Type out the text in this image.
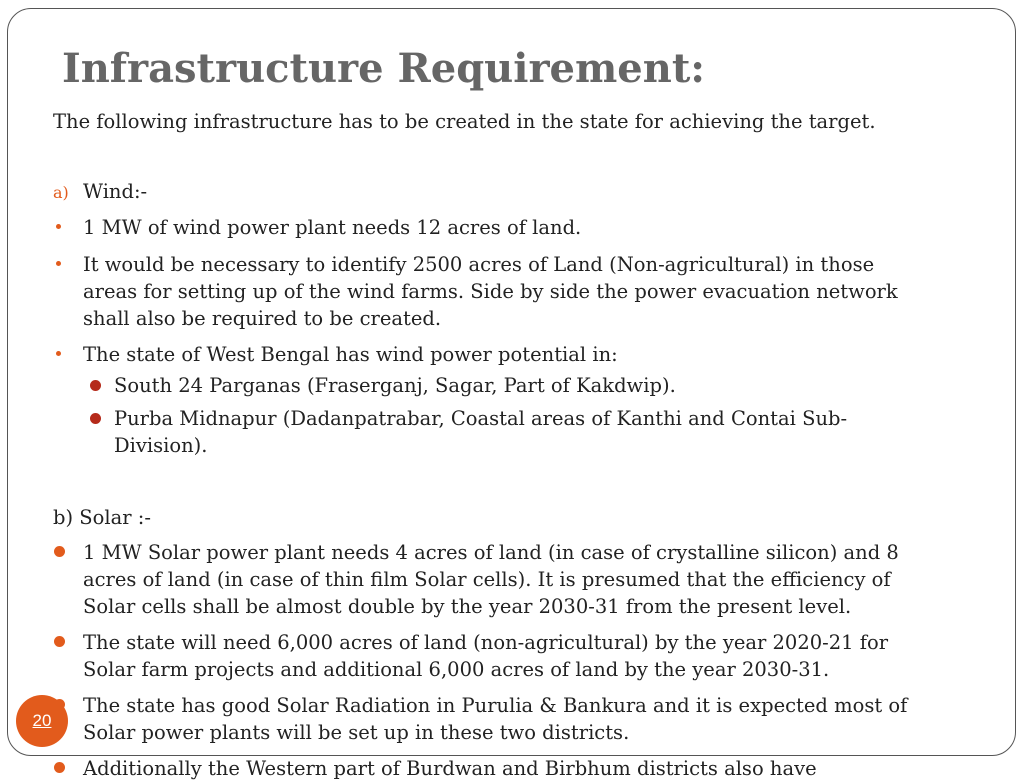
Infrastructure Requirement:
The following infrastructure has to be created in the state for achieving the target.
a) Wind:-
1 MW of wind power plant needs 12 acres of land.
It would be necessary to identify 2500 acres of Land (Non-agricultural) in those
areas for setting up of the wind farms. Side by side the power evacuation network
shall also be required to be created.
The state of West Bengal has wind power potential in:
South 24 Parganas (Fraserganj, Sagar, Part of Kakdwip).
Purba Midnapur (Dadanpatrabar, Coastal areas of Kanthi and Contai Sub-
Division).
b) Solar :-
1 MW Solar power plant needs 4 acres of land (in case of crystalline silicon) and 8
acres of land (in case of thin film Solar cells). It is presumed that the efficiency of
Solar cells shall be almost double by the year 2030-31 from the present level.
The state will need 6,000 acres of land (non-agricultural) by the year 2020-21 for
Solar farm projects and additional 6,000 acres of land by the year 2030-31.
The state has good Solar Radiation in Purulia & Bankura and it is expected most of
Solar power plants will be set up in these two districts.
Additionally the Western part of Burdwan and Birbhum districts also have
20
